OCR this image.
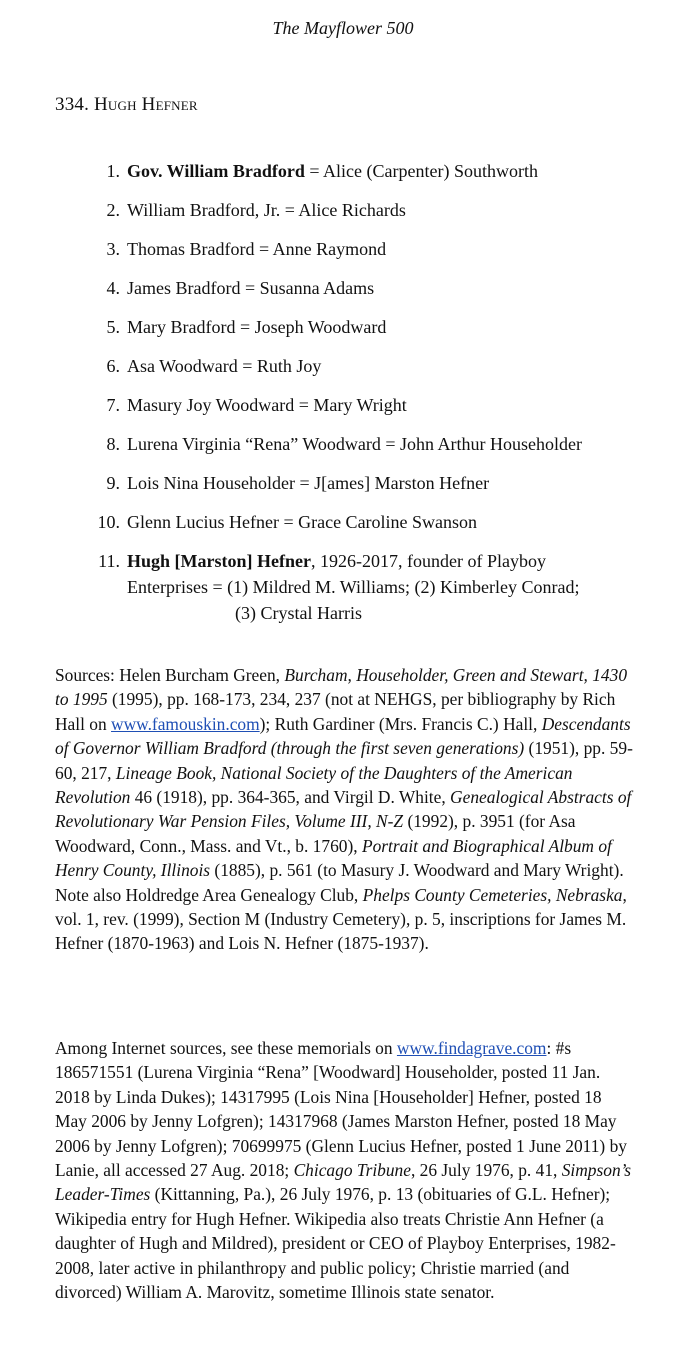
The Mayflower 500
334. Hugh Hefner
1. Gov. William Bradford = Alice (Carpenter) Southworth
2. William Bradford, Jr. = Alice Richards
3. Thomas Bradford = Anne Raymond
4. James Bradford = Susanna Adams
5. Mary Bradford = Joseph Woodward
6. Asa Woodward = Ruth Joy
7. Masury Joy Woodward = Mary Wright
8. Lurena Virginia “Rena” Woodward = John Arthur Householder
9. Lois Nina Householder = J[ames] Marston Hefner
10. Glenn Lucius Hefner = Grace Caroline Swanson
11. Hugh [Marston] Hefner, 1926-2017, founder of Playboy
Enterprises = (1) Mildred M. Williams; (2) Kimberley Conrad;
(3) Crystal Harris

Sources: Helen Burcham Green, Burcham, Householder, Green and Stewart, 1430 to 1995 (1995), pp. 168-173, 234, 237 (not at NEHGS, per bibliography by Rich Hall on www.famouskin.com); Ruth Gardiner (Mrs. Francis C.) Hall, Descendants of Governor William Bradford (through the first seven generations) (1951), pp. 59-60, 217, Lineage Book, National Society of the Daughters of the American Revolution 46 (1918), pp. 364-365, and Virgil D. White, Genealogical Abstracts of Revolutionary War Pension Files, Volume III, N-Z (1992), p. 3951 (for Asa Woodward, Conn., Mass. and Vt., b. 1760), Portrait and Biographical Album of Henry County, Illinois (1885), p. 561 (to Masury J. Woodward and Mary Wright). Note also Holdredge Area Genealogy Club, Phelps County Cemeteries, Nebraska, vol. 1, rev. (1999), Section M (Industry Cemetery), p. 5, inscriptions for James M. Hefner (1870-1963) and Lois N. Hefner (1875-1937).

Among Internet sources, see these memorials on www.findagrave.com: #s 186571551 (Lurena Virginia “Rena” [Woodward] Householder, posted 11 Jan. 2018 by Linda Dukes); 14317995 (Lois Nina [Householder] Hefner, posted 18 May 2006 by Jenny Lofgren); 14317968 (James Marston Hefner, posted 18 May 2006 by Jenny Lofgren); 70699975 (Glenn Lucius Hefner, posted 1 June 2011) by Lanie, all accessed 27 Aug. 2018; Chicago Tribune, 26 July 1976, p. 41, Simpson’s Leader-Times (Kittanning, Pa.), 26 July 1976, p. 13 (obituaries of G.L. Hefner); Wikipedia entry for Hugh Hefner. Wikipedia also treats Christie Ann Hefner (a daughter of Hugh and Mildred), president or CEO of Playboy Enterprises, 1982-2008, later active in philanthropy and public policy; Christie married (and divorced) William A. Marovitz, sometime Illinois state senator.
